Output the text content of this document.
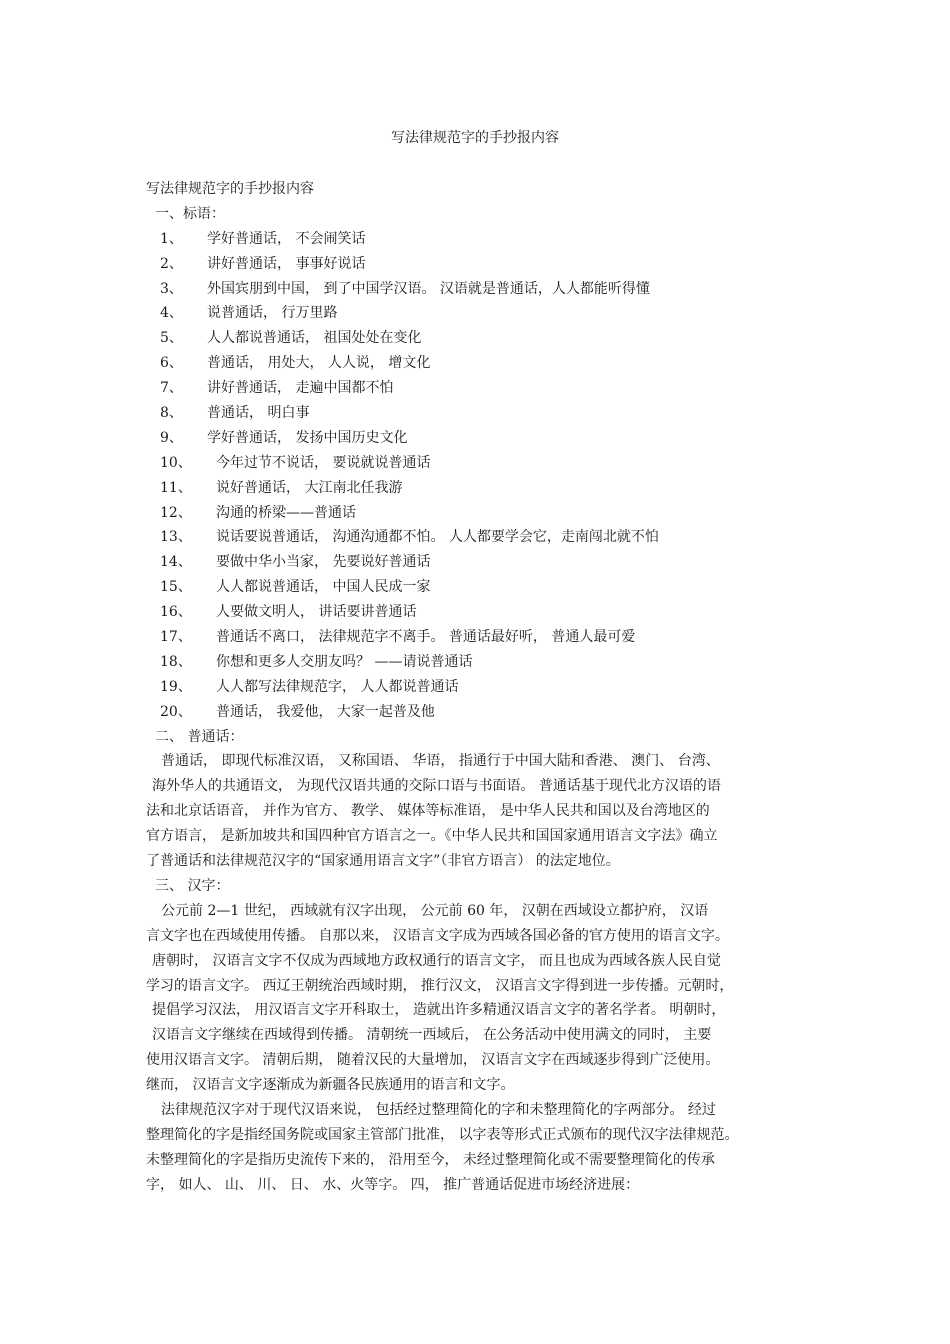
写法律规范字的手抄报内容
写法律规范字的手抄报内容
一、标语：
1、 学好普通话， 不会闹笑话
2、 讲好普通话， 事事好说话
3、 外国宾朋到中国， 到了中国学汉语。 汉语就是普通话，人人都能听得懂
4、 说普通话， 行万里路
5、 人人都说普通话， 祖国处处在变化
6、 普通话， 用处大， 人人说， 增文化
7、 讲好普通话， 走遍中国都不怕
8、 普通话， 明白事
9、 学好普通话， 发扬中国历史文化
10、 今年过节不说话， 要说就说普通话
11、 说好普通话， 大江南北任我游
12、 沟通的桥梁——普通话
13、 说话要说普通话， 沟通沟通都不怕。 人人都要学会它，走南闯北就不怕
14、 要做中华小当家， 先要说好普通话
15、 人人都说普通话， 中国人民成一家
16、 人要做文明人， 讲话要讲普通话
17、 普通话不离口， 法律规范字不离手。 普通话最好听， 普通人最可爱
18、 你想和更多人交朋友吗？ ——请说普通话
19、 人人都写法律规范字， 人人都说普通话
20、 普通话， 我爱他， 大家一起普及他
二、 普通话：
普通话， 即现代标准汉语， 又称国语、 华语， 指通行于中国大陆和香港、 澳门、 台湾、
海外华人的共通语文， 为现代汉语共通的交际口语与书面语。 普通话基于现代北方汉语的语
法和北京话语音， 并作为官方、 教学、 媒体等标准语， 是中华人民共和国以及台湾地区的
官方语言， 是新加坡共和国四种官方语言之一。《中华人民共和国国家通用语言文字法》确立
了普通话和法律规范汉字的“国家通用语言文字”（非官方语言） 的法定地位。
三、 汉字：
公元前 2—1 世纪， 西域就有汉字出现， 公元前 60 年， 汉朝在西域设立都护府， 汉语
言文字也在西域使用传播。 自那以来， 汉语言文字成为西域各国必备的官方使用的语言文字。
唐朝时， 汉语言文字不仅成为西域地方政权通行的语言文字， 而且也成为西域各族人民自觉
学习的语言文字。 西辽王朝统治西域时期， 推行汉文， 汉语言文字得到进一步传播。元朝时，
提倡学习汉法， 用汉语言文字开科取士， 造就出许多精通汉语言文字的著名学者。 明朝时，
汉语言文字继续在西域得到传播。 清朝统一西域后， 在公务活动中使用满文的同时， 主要
使用汉语言文字。 清朝后期， 随着汉民的大量增加， 汉语言文字在西域逐步得到广泛使用。
继而， 汉语言文字逐渐成为新疆各民族通用的语言和文字。
法律规范汉字对于现代汉语来说， 包括经过整理简化的字和未整理简化的字两部分。 经过
整理简化的字是指经国务院或国家主管部门批准， 以字表等形式正式颁布的现代汉字法律规范。
未整理简化的字是指历史流传下来的， 沿用至今， 未经过整理简化或不需要整理简化的传承
字， 如人、 山、 川、 日、 水、火等字。 四， 推广普通话促进市场经济进展：
